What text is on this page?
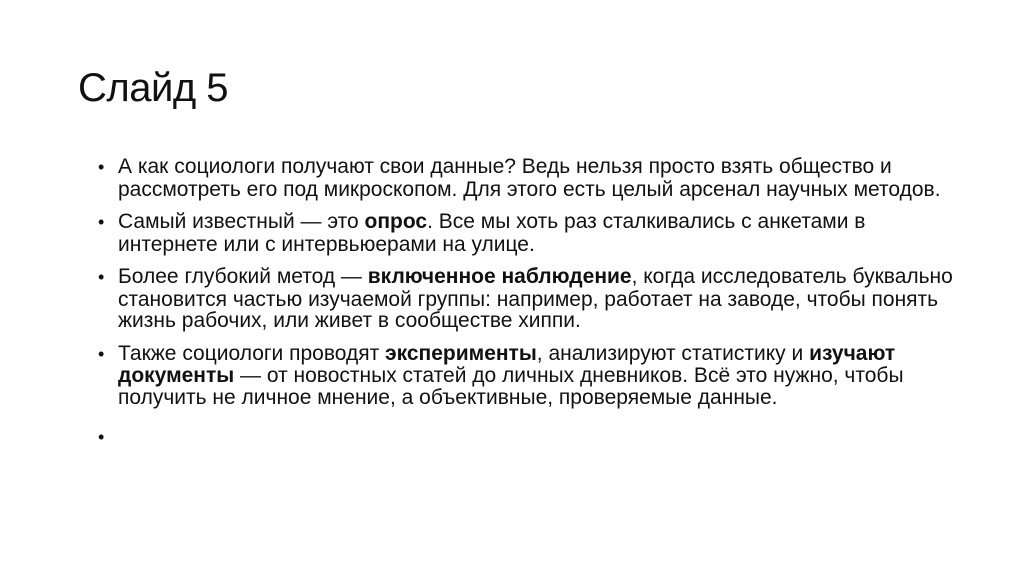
Слайд 5
•А как социологи получают свои данные? Ведь нельзя просто взять общество и рассмотреть его под микроскопом. Для этого есть целый арсенал научных методов.
•Самый известный — это опрос. Все мы хоть раз сталкивались с анкетами в интернете или с интервьюерами на улице.
•Более глубокий метод — включенное наблюдение, когда исследователь буквально становится частью изучаемой группы: например, работает на заводе, чтобы понять жизнь рабочих, или живет в сообществе хиппи.
•Также социологи проводят эксперименты, анализируют статистику и изучают документы — от новостных статей до личных дневников. Всё это нужно, чтобы получить не личное мнение, а объективные, проверяемые данные.
•
